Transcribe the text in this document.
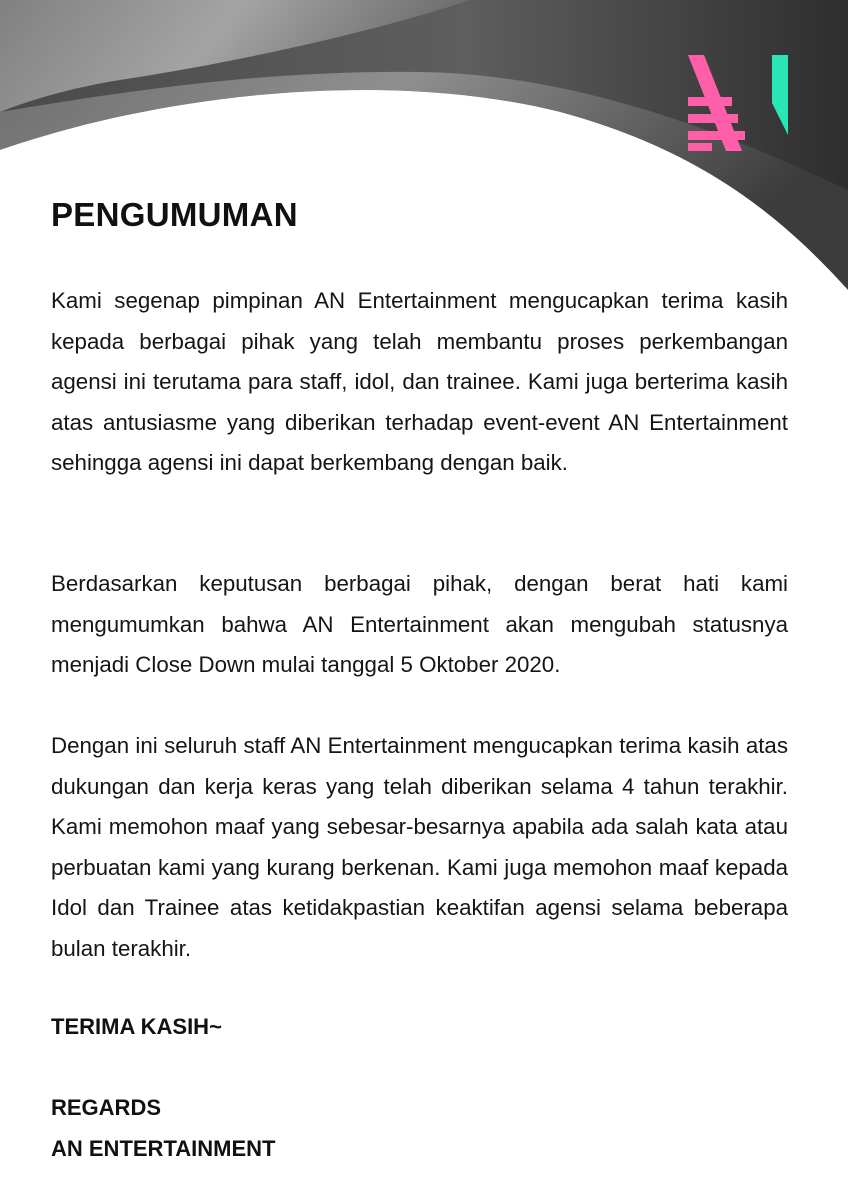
PENGUMUMAN

Kami segenap pimpinan AN Entertainment mengucapkan terima kasih kepada berbagai pihak yang telah membantu proses perkembangan agensi ini terutama para staff, idol, dan trainee. Kami juga berterima kasih atas antusiasme yang diberikan terhadap event-event AN Entertainment sehingga agensi ini dapat berkembang dengan baik.

Berdasarkan keputusan berbagai pihak, dengan berat hati kami mengumumkan bahwa AN Entertainment akan mengubah statusnya menjadi Close Down mulai tanggal 5 Oktober 2020.

Dengan ini seluruh staff AN Entertainment mengucapkan terima kasih atas dukungan dan kerja keras yang telah diberikan selama 4 tahun terakhir. Kami memohon maaf yang sebesar-besarnya apabila ada salah kata atau perbuatan kami yang kurang berkenan. Kami juga memohon maaf kepada Idol dan Trainee atas ketidakpastian keaktifan agensi selama beberapa bulan terakhir.

TERIMA KASIH~

REGARDS

AN ENTERTAINMENT
